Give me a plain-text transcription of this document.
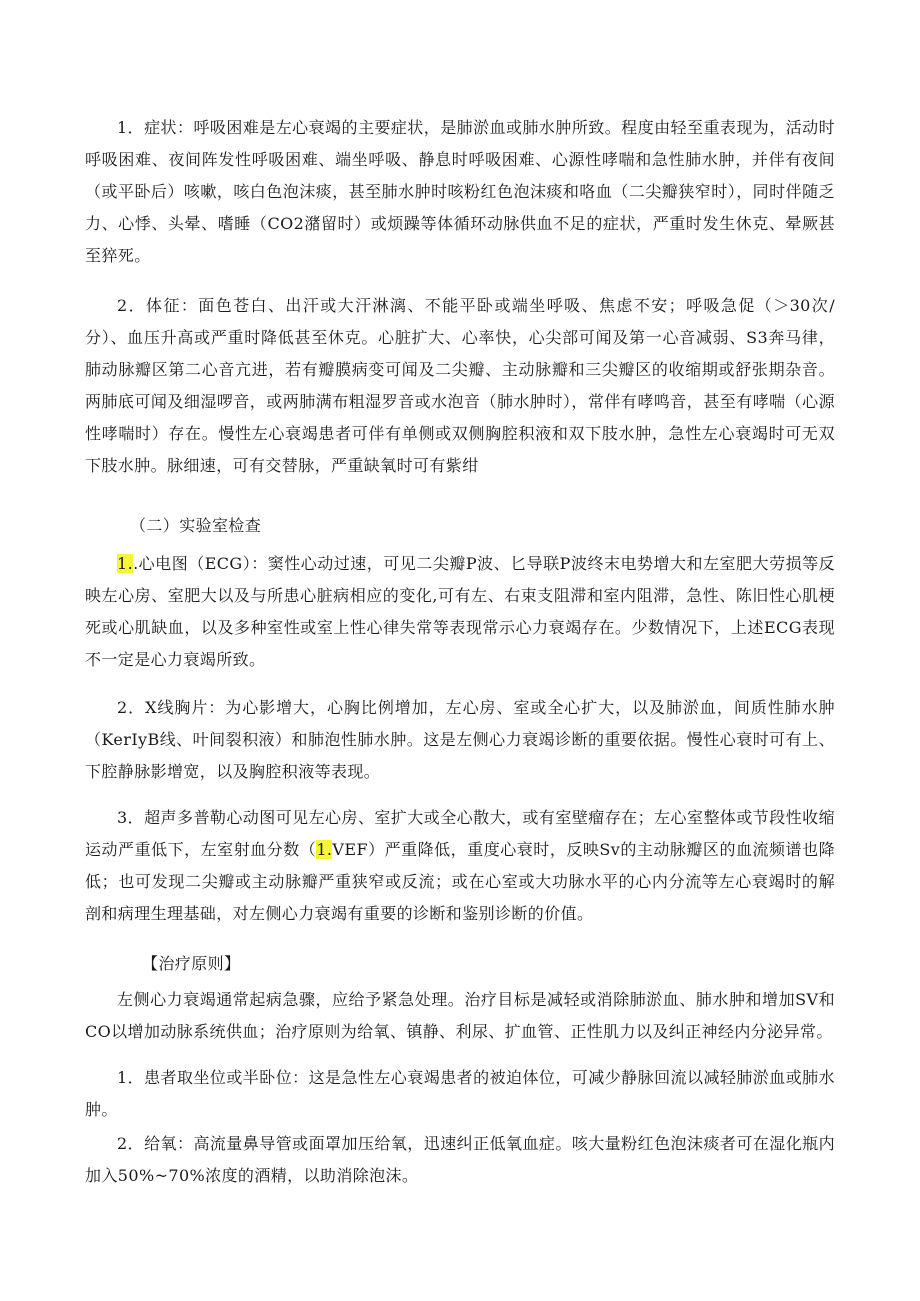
1．症状：呼吸困难是左心衰竭的主要症状，是肺淤血或肺水肿所致。程度由轻至重表现为，活动时呼吸困难、夜间阵发性呼吸困难、端坐呼吸、静息时呼吸困难、心源性哮喘和急性肺水肿，并伴有夜间（或平卧后）咳嗽，咳白色泡沫痰，甚至肺水肿时咳粉红色泡沫痰和咯血（二尖瓣狭窄时），同时伴随乏力、心悸、头晕、嗜睡（CO2潴留时）或烦躁等体循环动脉供血不足的症状，严重时发生休克、晕厥甚至猝死。

2．体征：面色苍白、出汗或大汗淋漓、不能平卧或端坐呼吸、焦虑不安；呼吸急促（＞30次/分）、血压升高或严重时降低甚至休克。心脏扩大、心率快，心尖部可闻及第一心音减弱、S3奔马律，肺动脉瓣区第二心音亢进，若有瓣膜病变可闻及二尖瓣、主动脉瓣和三尖瓣区的收缩期或舒张期杂音。两肺底可闻及细湿啰音，或两肺满布粗湿罗音或水泡音（肺水肿时），常伴有哮鸣音，甚至有哮喘（心源性哮喘时）存在。慢性左心衰竭患者可伴有单侧或双侧胸腔积液和双下肢水肿，急性左心衰竭时可无双下肢水肿。脉细速，可有交替脉，严重缺氧时可有紫绀

（二）实验室检查

1..心电图（ECG）：窦性心动过速，可见二尖瓣P波、匕导联P波终末电势增大和左室肥大劳损等反映左心房、室肥大以及与所患心脏病相应的变化,可有左、右束支阻滞和室内阻滞，急性、陈旧性心肌梗死或心肌缺血，以及多种室性或室上性心律失常等表现常示心力衰竭存在。少数情况下，上述ECG表现不一定是心力衰竭所致。

2．X线胸片：为心影增大，心胸比例增加，左心房、室或全心扩大，以及肺淤血，间质性肺水肿（KerIyB线、叶间裂积液）和肺泡性肺水肿。这是左侧心力衰竭诊断的重要依据。慢性心衰时可有上、下腔静脉影增宽，以及胸腔积液等表现。

3．超声多普勒心动图可见左心房、室扩大或全心散大，或有室壁瘤存在；左心室整体或节段性收缩运动严重低下，左室射血分数（1.VEF）严重降低，重度心衰时，反映Sv的主动脉瓣区的血流频谱也降低；也可发现二尖瓣或主动脉瓣严重狭窄或反流；或在心室或大功脉水平的心内分流等左心衰竭时的解剖和病理生理基础，对左侧心力衰竭有重要的诊断和鉴别诊断的价值。

【治疗原则】

左侧心力衰竭通常起病急骤，应给予紧急处理。治疗目标是减轻或消除肺淤血、肺水肿和增加SV和CO以增加动脉系统供血；治疗原则为给氧、镇静、利尿、扩血管、正性肌力以及纠正神经内分泌异常。

1．患者取坐位或半卧位：这是急性左心衰竭患者的被迫体位，可减少静脉回流以减轻肺淤血或肺水肿。

2．给氧：高流量鼻导管或面罩加压给氧，迅速纠正低氧血症。咳大量粉红色泡沫痰者可在湿化瓶内加入50%~70%浓度的酒精，以助消除泡沫。
